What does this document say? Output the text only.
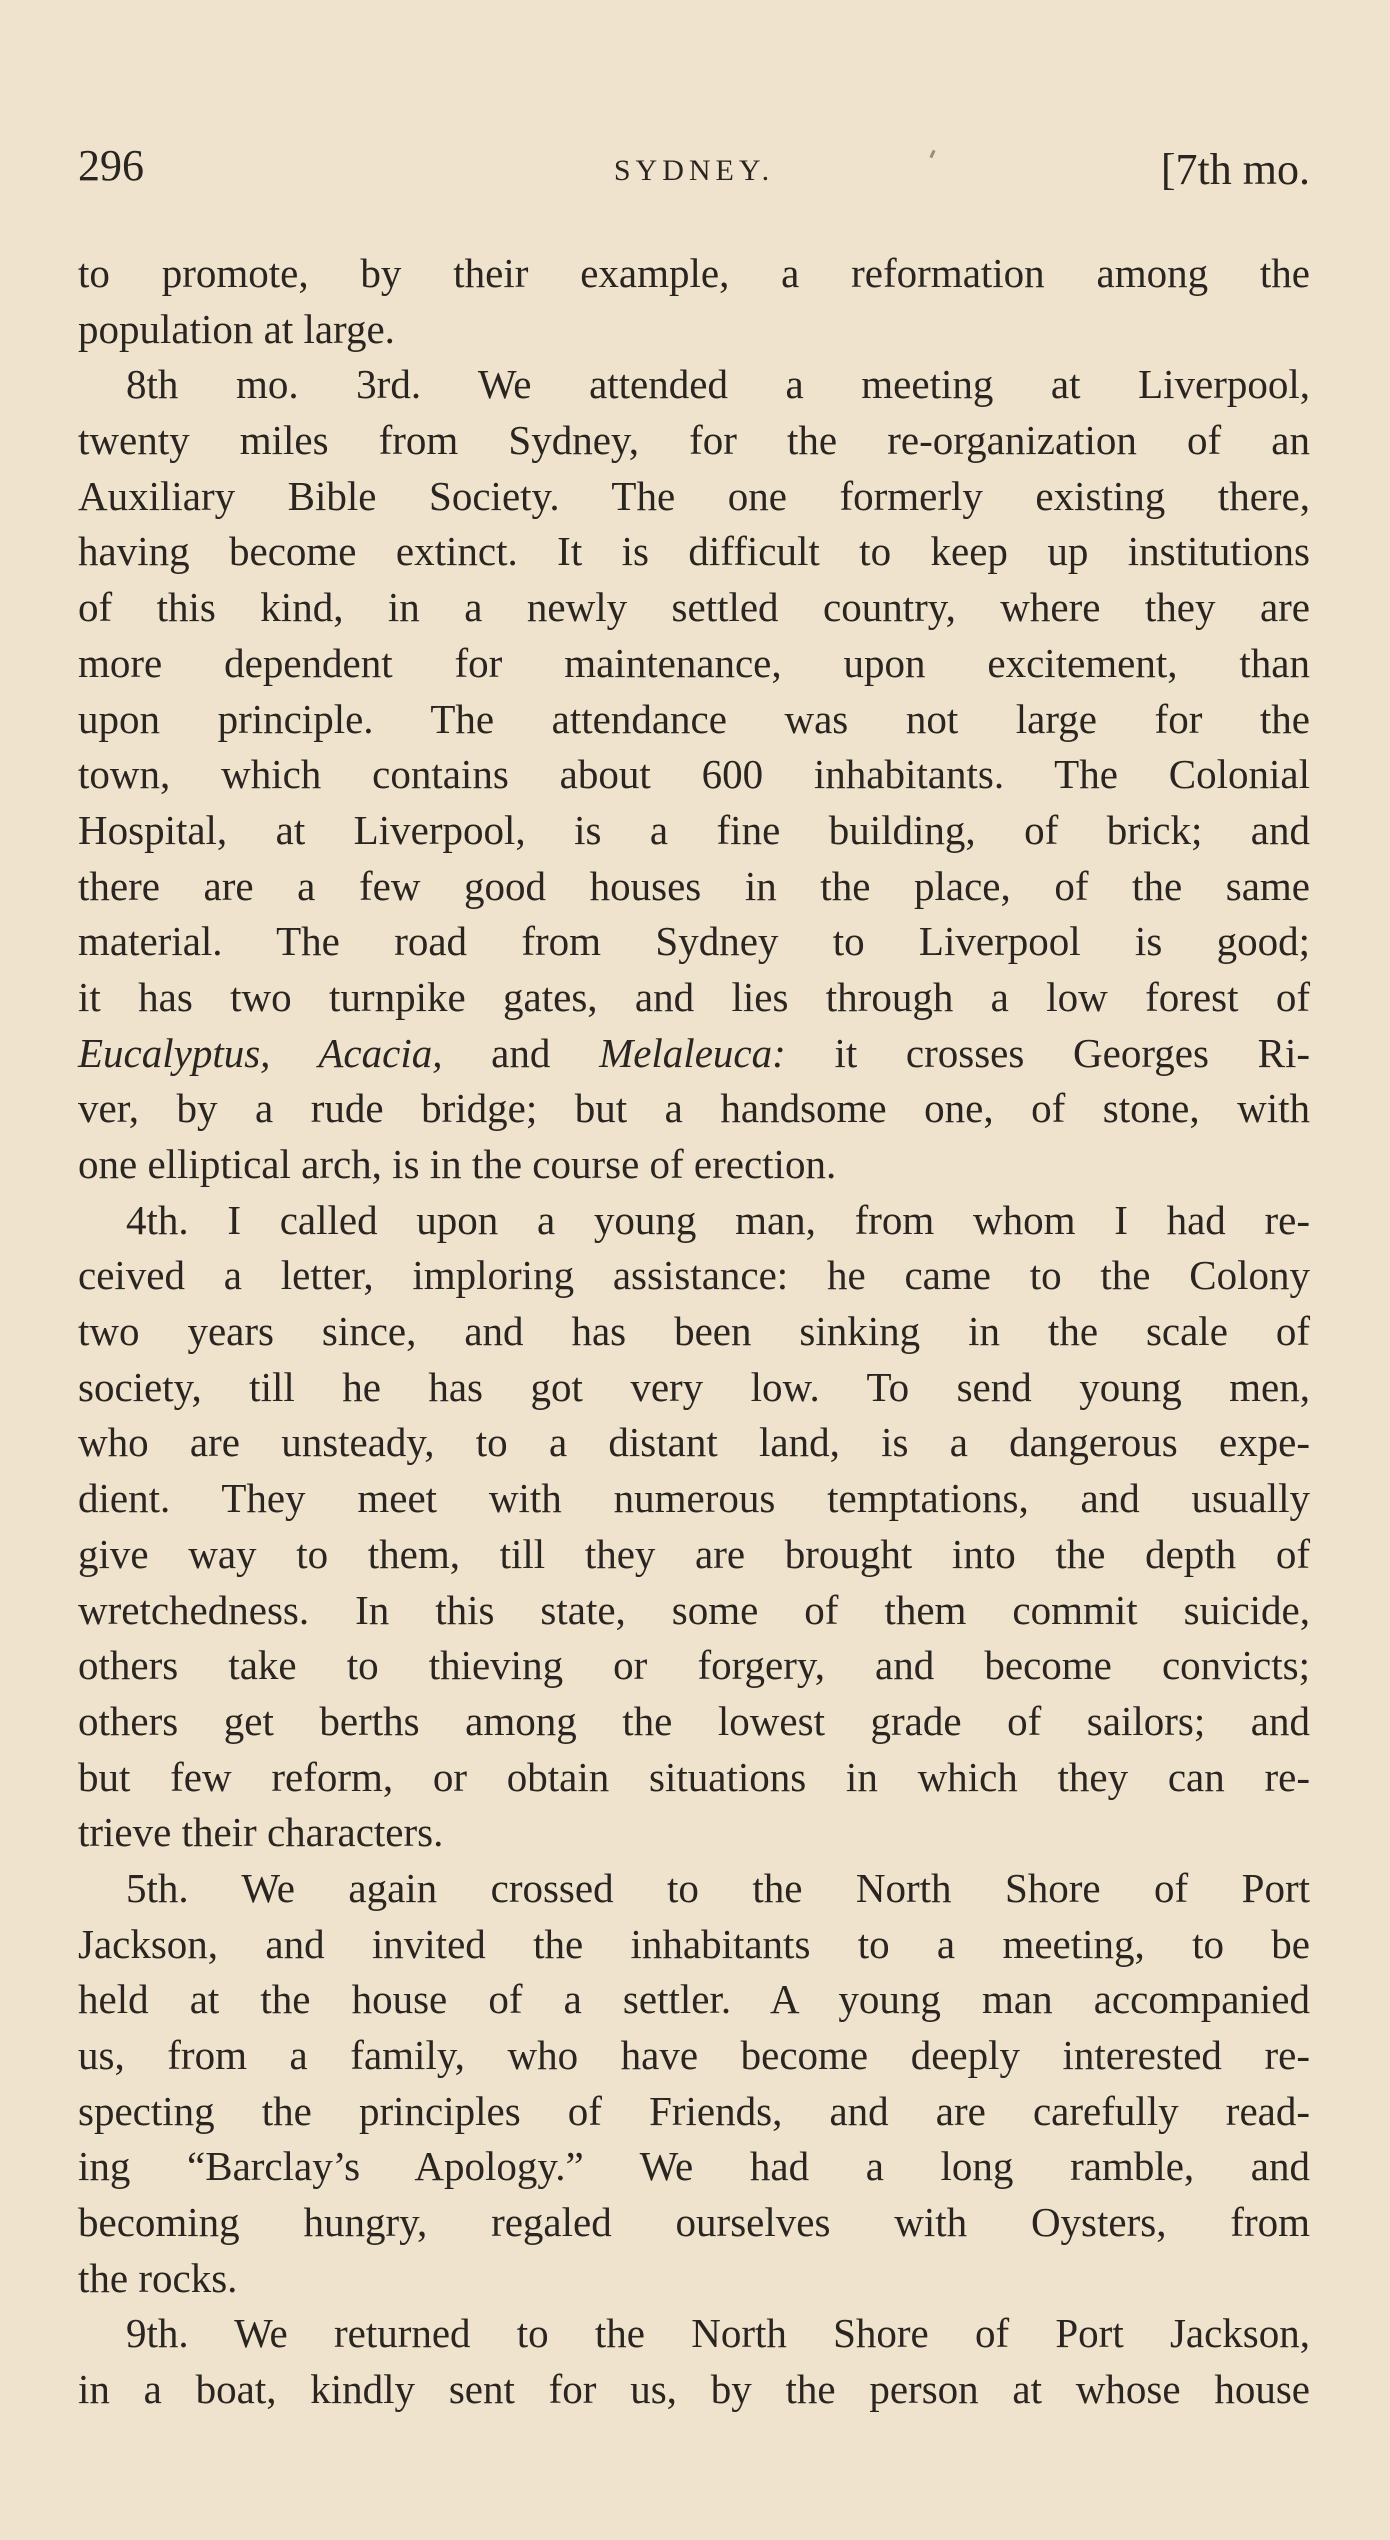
296	SYDNEY.	[7th mo.
to promote, by their example, a reformation among the
population at large.
8th mo. 3rd. We attended a meeting at Liverpool,
twenty miles from Sydney, for the re-organization of an
Auxiliary Bible Society. The one formerly existing there,
having become extinct. It is difficult to keep up institutions
of this kind, in a newly settled country, where they are
more dependent for maintenance, upon excitement, than
upon principle. The attendance was not large for the
town, which contains about 600 inhabitants. The Colonial
Hospital, at Liverpool, is a fine building, of brick; and
there are a few good houses in the place, of the same
material. The road from Sydney to Liverpool is good;
it has two turnpike gates, and lies through a low forest of
Eucalyptus, Acacia, and Melaleuca: it crosses Georges Ri-
ver, by a rude bridge; but a handsome one, of stone, with
one elliptical arch, is in the course of erection.
4th. I called upon a young man, from whom I had re-
ceived a letter, imploring assistance: he came to the Colony
two years since, and has been sinking in the scale of
society, till he has got very low. To send young men,
who are unsteady, to a distant land, is a dangerous expe-
dient. They meet with numerous temptations, and usually
give way to them, till they are brought into the depth of
wretchedness. In this state, some of them commit suicide,
others take to thieving or forgery, and become convicts;
others get berths among the lowest grade of sailors; and
but few reform, or obtain situations in which they can re-
trieve their characters.
5th. We again crossed to the North Shore of Port
Jackson, and invited the inhabitants to a meeting, to be
held at the house of a settler. A young man accompanied
us, from a family, who have become deeply interested re-
specting the principles of Friends, and are carefully read-
ing “Barclay’s Apology.” We had a long ramble, and
becoming hungry, regaled ourselves with Oysters, from
the rocks.
9th. We returned to the North Shore of Port Jackson,
in a boat, kindly sent for us, by the person at whose house
